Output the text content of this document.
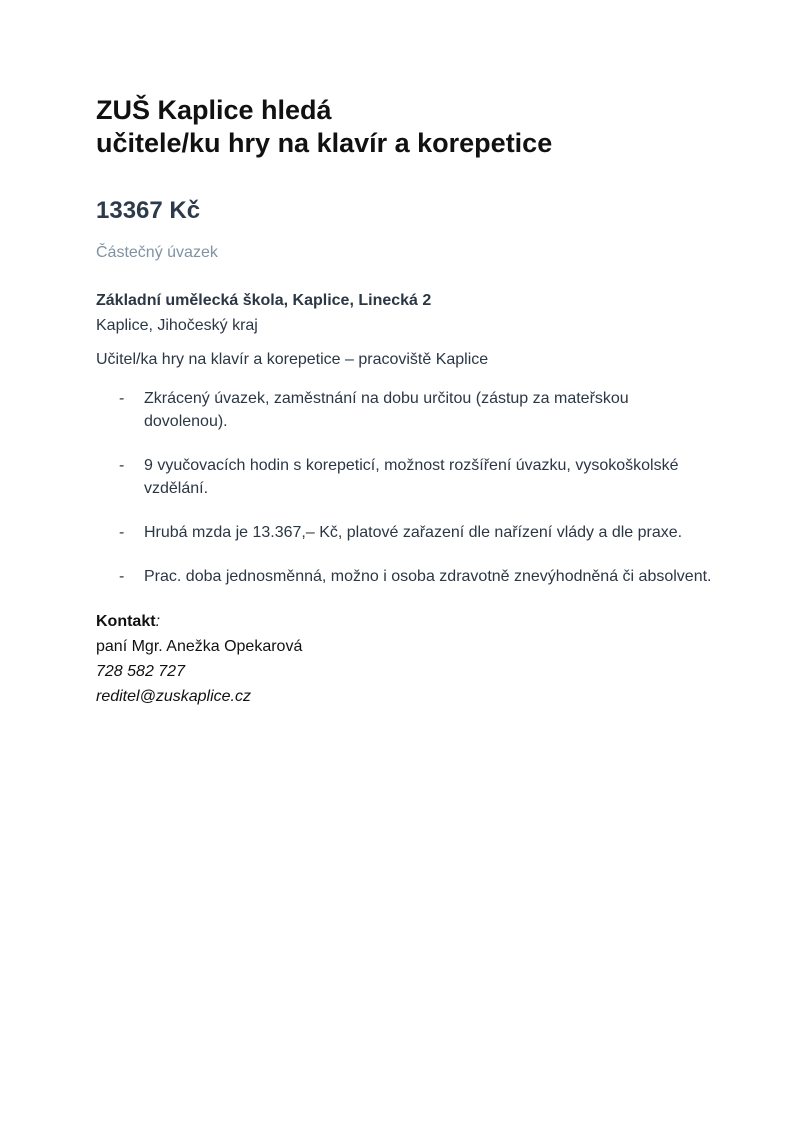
ZUŠ Kaplice hledá
učitele/ku hry na klavír a korepetice
13367 Kč
Částečný úvazek
Základní umělecká škola, Kaplice, Linecká 2
Kaplice, Jihočeský kraj
Učitel/ka hry na klavír a korepetice – pracoviště Kaplice
- Zkrácený úvazek, zaměstnání na dobu určitou (zástup za mateřskou dovolenou).
- 9 vyučovacích hodin s korepeticí, možnost rozšíření úvazku, vysokoškolské vzdělání.
- Hrubá mzda je 13.367,– Kč, platové zařazení dle nařízení vlády a dle praxe.
- Prac. doba jednosměnná, možno i osoba zdravotně znevýhodněná či absolvent.
Kontakt:
paní Mgr. Anežka Opekarová
728 582 727
reditel@zuskaplice.cz
